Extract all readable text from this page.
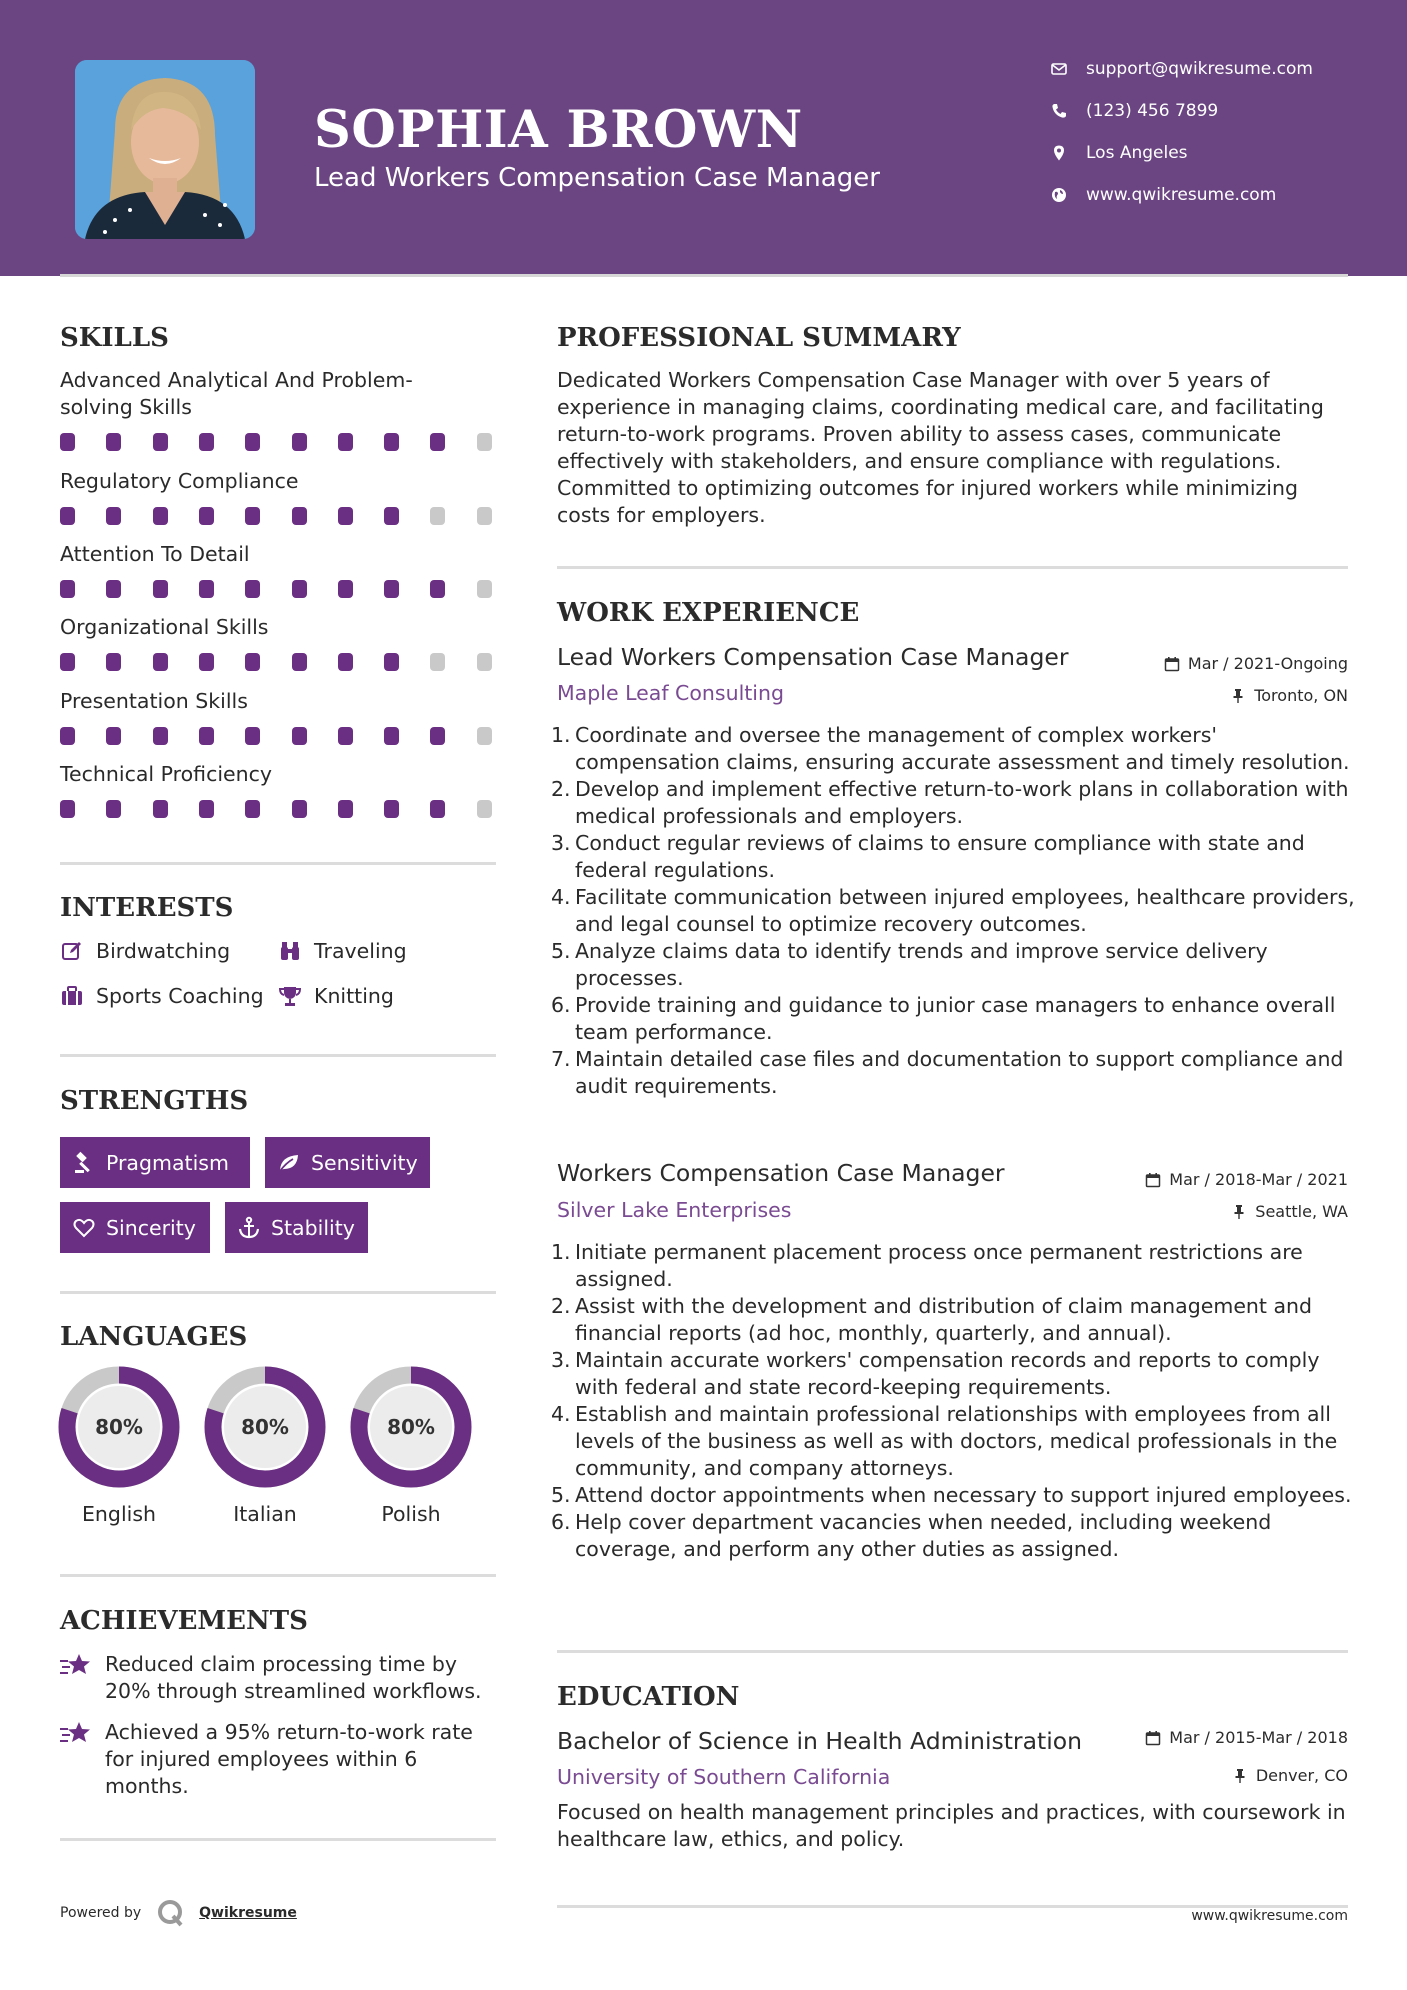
SOPHIA BROWN
Lead Workers Compensation Case Manager
support@qwikresume.com
(123) 456 7899
Los Angeles
www.qwikresume.com
SKILLS
Advanced Analytical And Problem-solving Skills
Regulatory Compliance
Attention To Detail
Organizational Skills
Presentation Skills
Technical Proficiency
INTERESTS
Birdwatching	Traveling
Sports Coaching Knitting
STRENGTHS
Pragmatism	Sensitivity
Sincerity	Stability
LANGUAGES
80%
English
80%
Italian
80%
Polish
ACHIEVEMENTS
Reduced claim processing time by 20% through streamlined workflows.
Achieved a 95% return-to-work rate for injured employees within 6 months.
Powered by	Qwikresume
PROFESSIONAL SUMMARY
Dedicated Workers Compensation Case Manager with over 5 years of experience in managing claims, coordinating medical care, and facilitating return-to-work programs. Proven ability to assess cases, communicate effectively with stakeholders, and ensure compliance with regulations. Committed to optimizing outcomes for injured workers while minimizing costs for employers.
WORK EXPERIENCE
Lead Workers Compensation Case Manager
Maple Leaf Consulting
Mar / 2021-Ongoing
Toronto, ON
1. Coordinate and oversee the management of complex workers' compensation claims, ensuring accurate assessment and timely resolution.
2. Develop and implement effective return-to-work plans in collaboration with medical professionals and employers.
3. Conduct regular reviews of claims to ensure compliance with state and federal regulations.
4. Facilitate communication between injured employees, healthcare providers, and legal counsel to optimize recovery outcomes.
5. Analyze claims data to identify trends and improve service delivery processes.
6. Provide training and guidance to junior case managers to enhance overall team performance.
7. Maintain detailed case files and documentation to support compliance and audit requirements.
Workers Compensation Case Manager
Silver Lake Enterprises
Mar / 2018-Mar / 2021
Seattle, WA
1. Initiate permanent placement process once permanent restrictions are assigned.
2. Assist with the development and distribution of claim management and financial reports (ad hoc, monthly, quarterly, and annual).
3. Maintain accurate workers' compensation records and reports to comply with federal and state record-keeping requirements.
4. Establish and maintain professional relationships with employees from all levels of the business as well as with doctors, medical professionals in the community, and company attorneys.
5. Attend doctor appointments when necessary to support injured employees.
6. Help cover department vacancies when needed, including weekend coverage, and perform any other duties as assigned.
EDUCATION
Bachelor of Science in Health Administration
University of Southern California
Mar / 2015-Mar / 2018
Denver, CO
Focused on health management principles and practices, with coursework in healthcare law, ethics, and policy.
www.qwikresume.com
